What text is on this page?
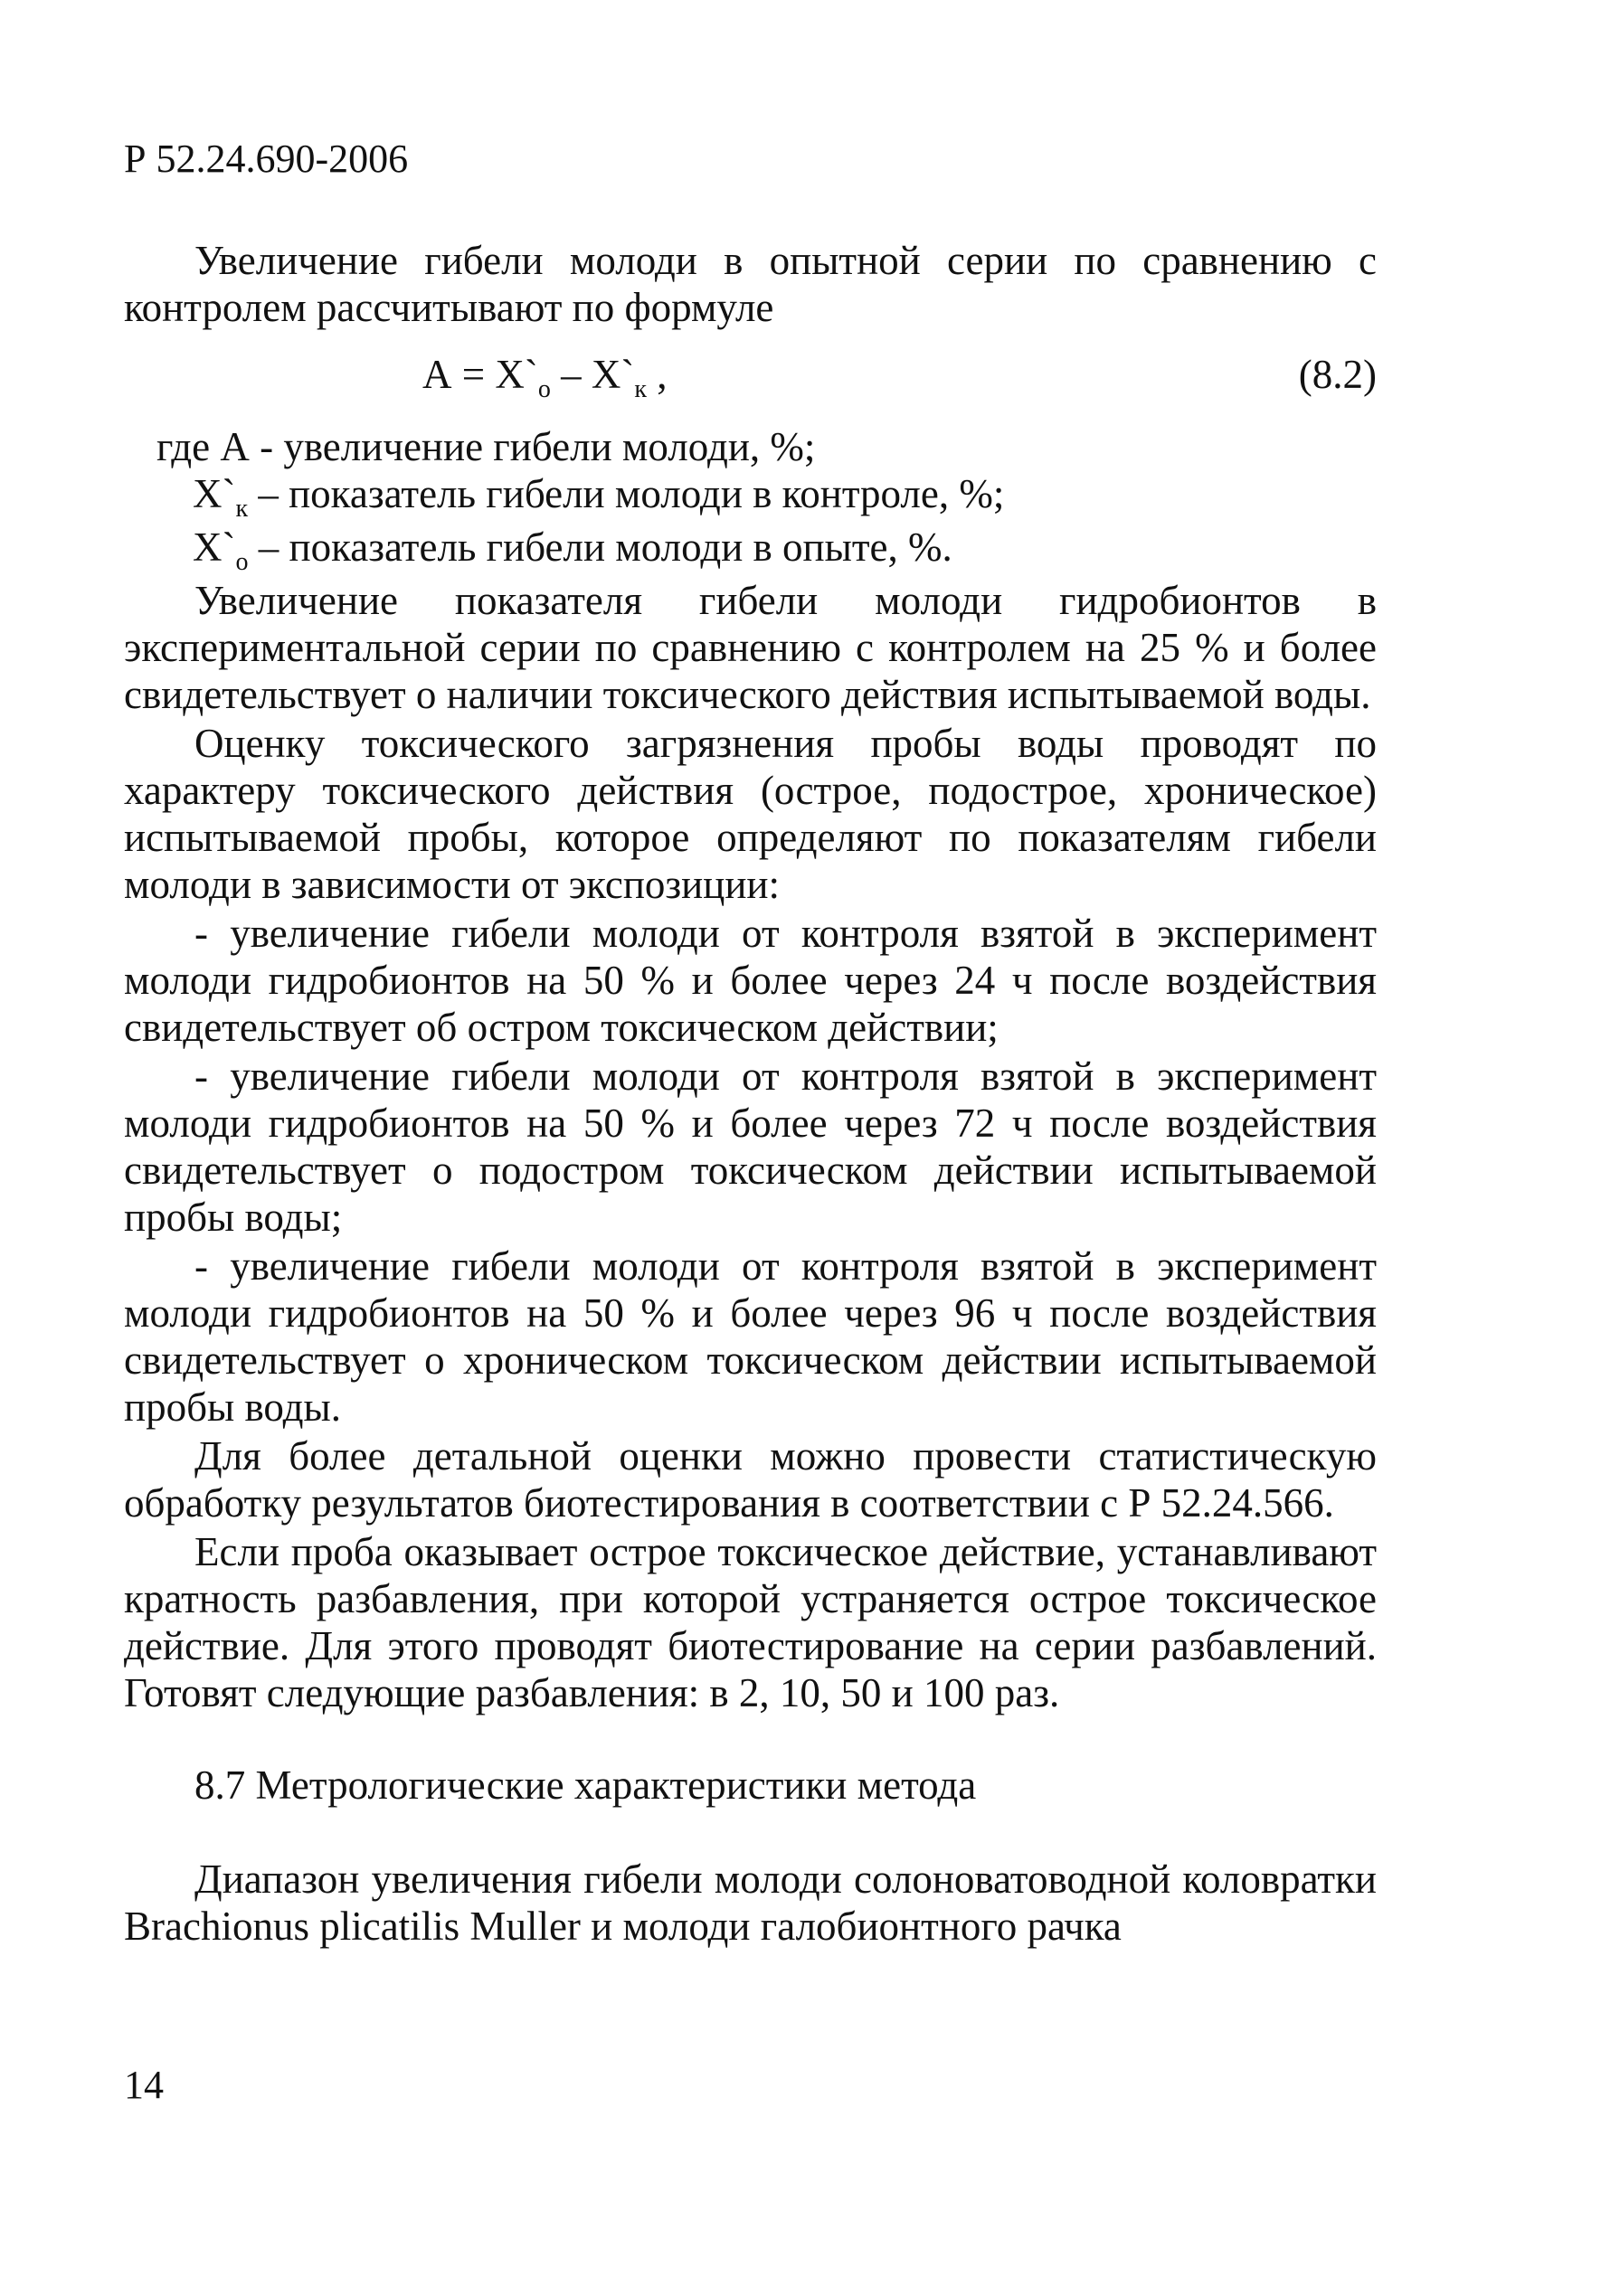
Р 52.24.690-2006

Увеличение гибели молоди в опытной серии по сравнению с контролем рассчитывают по формуле

$А = Х`_о$ – $Х`_к$ ,	(8.2)

где А - увеличение гибели молоди, %;

$Х`_к$ – показатель гибели молоди в контроле, %;

$Х`_о$ – показатель гибели молоди в опыте, %.

Увеличение показателя гибели молоди гидробионтов в экспериментальной серии по сравнению с контролем на 25 % и более свидетельствует о наличии токсического действия испытываемой воды.

Оценку токсического загрязнения пробы воды проводят по характеру токсического действия (острое, подострое, хроническое) испытываемой пробы, которое определяют по показателям гибели молоди в зависимости от экспозиции:

- увеличение гибели молоди от контроля взятой в эксперимент молоди гидробионтов на 50 % и более через 24 ч после воздействия свидетельствует об остром токсическом действии;

- увеличение гибели молоди от контроля взятой в эксперимент молоди гидробионтов на 50 % и более через 72 ч после воздействия свидетельствует о подостром токсическом действии испытываемой пробы воды;

- увеличение гибели молоди от контроля взятой в эксперимент молоди гидробионтов на 50 % и более через 96 ч после воздействия свидетельствует о хроническом токсическом действии испытываемой пробы воды.

Для более детальной оценки можно провести статистическую обработку результатов биотестирования в соответствии с Р 52.24.566.

Если проба оказывает острое токсическое действие, устанавливают кратность разбавления, при которой устраняется острое токсическое действие. Для этого проводят биотестирование на серии разбавлений. Готовят следующие разбавления: в 2, 10, 50 и 100 раз.

8.7 Метрологические характеристики метода

Диапазон увеличения гибели молоди солоноватоводной коловратки Brachionus plicatilis Muller и молоди галобионтного рачка

14
